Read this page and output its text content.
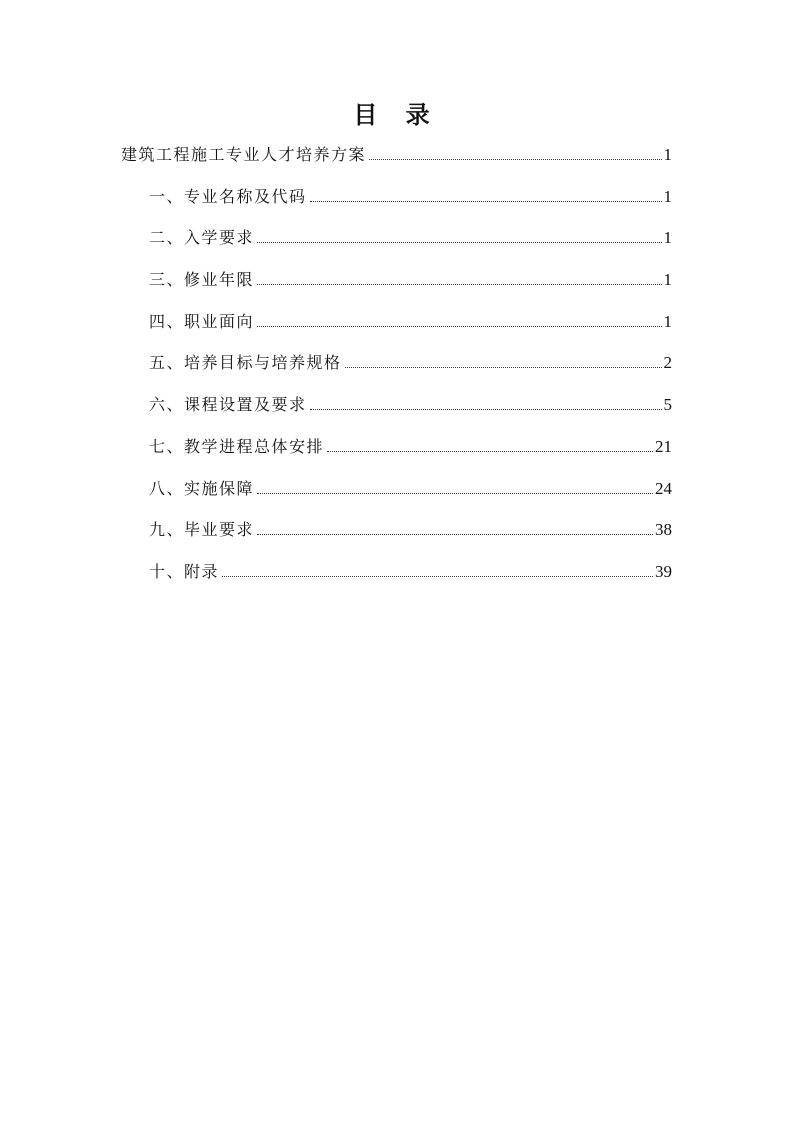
目 录
建筑工程施工专业人才培养方案	1
一、专业名称及代码	1
二、入学要求	1
三、修业年限	1
四、职业面向	1
五、培养目标与培养规格	2
六、课程设置及要求	5
七、教学进程总体安排	21
八、实施保障	24
九、毕业要求	38
十、附录	39
